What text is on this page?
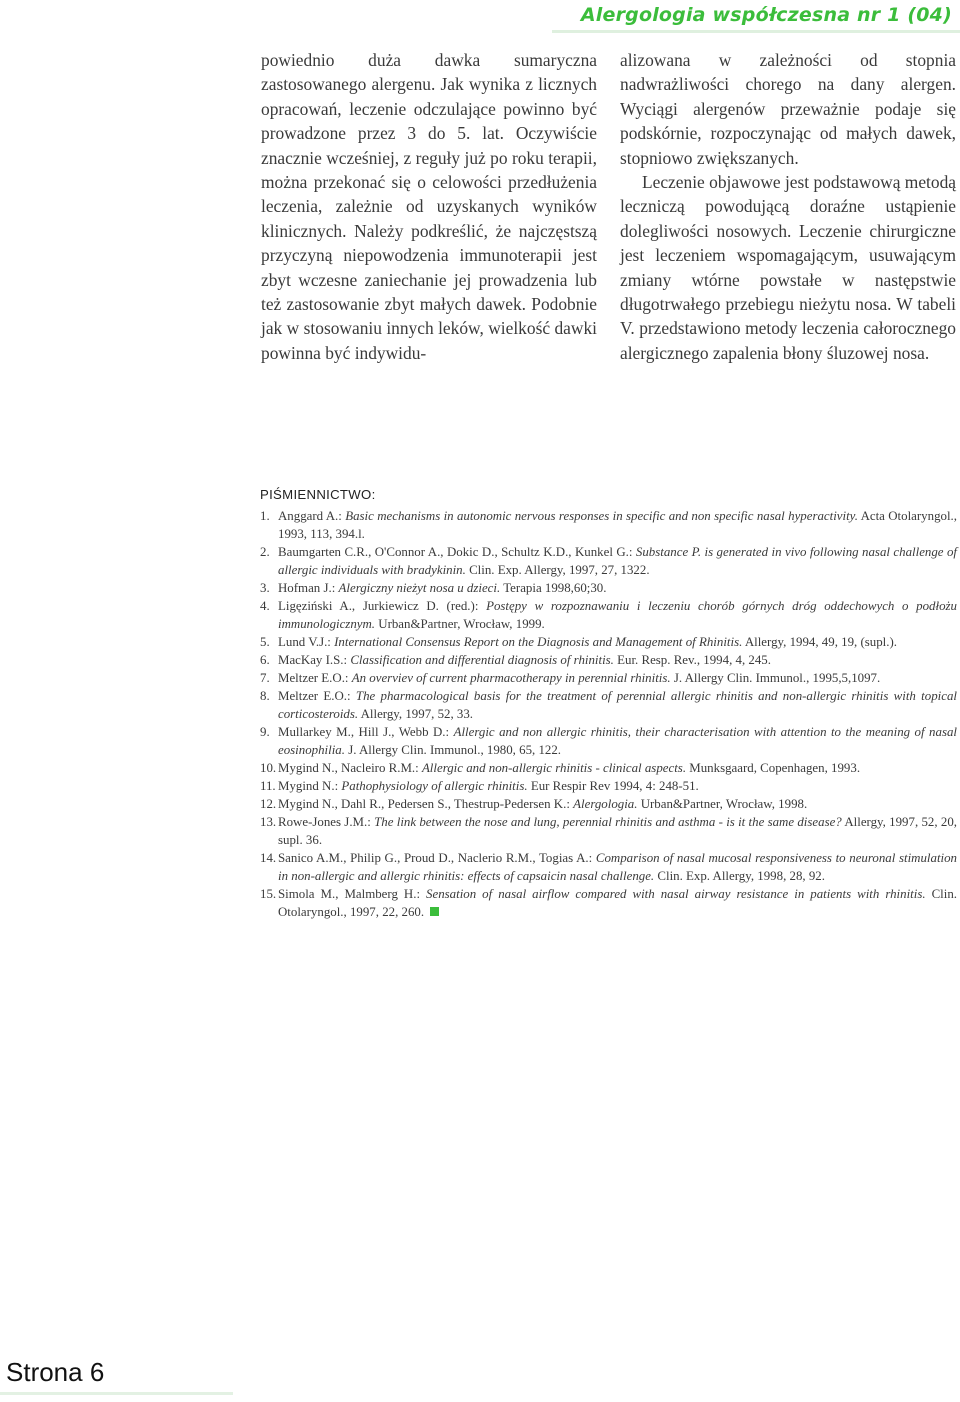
Alergologia współczesna nr 1 (04)

powiednio duża dawka sumaryczna zastosowanego alergenu. Jak wynika z licznych opracowań, leczenie odczulające powinno być prowadzone przez 3 do 5. lat. Oczywiście znacznie wcześniej, z reguły już po roku terapii, można przekonać się o celowości przedłużenia leczenia, zależnie od uzyskanych wyników klinicznych. Należy podkreślić, że najczęstszą przyczyną niepowodzenia immunoterapii jest zbyt wczesne zaniechanie jej prowadzenia lub też zastosowanie zbyt małych dawek. Podobnie jak w stosowaniu innych leków, wielkość dawki powinna być indywidu-

alizowana w zależności od stopnia nadwrażliwości chorego na dany alergen. Wyciągi alergenów przeważnie podaje się podskórnie, rozpoczynając od małych dawek, stopniowo zwiększanych.

Leczenie objawowe jest podstawową metodą leczniczą powodującą doraźne ustąpienie dolegliwości nosowych. Leczenie chirurgiczne jest leczeniem wspomagającym, usuwającym zmiany wtórne powstałe w następstwie długotrwałego przebiegu nieżytu nosa. W tabeli V. przedstawiono metody leczenia całorocznego alergicznego zapalenia błony śluzowej nosa.

PIŚMIENNICTWO:

1. Anggard A.: Basic mechanisms in autonomic nervous responses in specific and non specific nasal hyperactivity. Acta Otolaryngol., 1993, 113, 394.l.

2. Baumgarten C.R., O'Connor A., Dokic D., Schultz K.D., Kunkel G.: Substance P. is generated in vivo following nasal challenge of allergic individuals with bradykinin. Clin. Exp. Allergy, 1997, 27, 1322.

3. Hofman J.: Alergiczny nieżyt nosa u dzieci. Terapia 1998,60;30.

4. Ligęziński A., Jurkiewicz D. (red.): Postępy w rozpoznawaniu i leczeniu chorób górnych dróg oddechowych o podłożu immunologicznym. Urban&Partner, Wrocław, 1999.

5. Lund V.J.: International Consensus Report on the Diagnosis and Management of Rhinitis. Allergy, 1994, 49, 19, (supl.).

6. MacKay I.S.: Classification and differential diagnosis of rhinitis. Eur. Resp. Rev., 1994, 4, 245.

7. Meltzer E.O.: An overviev of current pharmacotherapy in perennial rhinitis. J. Allergy Clin. Immunol., 1995,5,1097.

8. Meltzer E.O.: The pharmacological basis for the treatment of perennial allergic rhinitis and non-allergic rhinitis with topical corticosteroids. Allergy, 1997, 52, 33.

9. Mullarkey M., Hill J., Webb D.: Allergic and non allergic rhinitis, their characterisation with attention to the meaning of nasal eosinophilia. J. Allergy Clin. Immunol., 1980, 65, 122.

10. Mygind N., Nacleiro R.M.: Allergic and non-allergic rhinitis - clinical aspects. Munksgaard, Copenhagen, 1993.

11. Mygind N.: Pathophysiology of allergic rhinitis. Eur Respir Rev 1994, 4: 248-51.

12. Mygind N., Dahl R., Pedersen S., Thestrup-Pedersen K.: Alergologia. Urban&Partner, Wrocław, 1998.

13. Rowe-Jones J.M.: The link between the nose and lung, perennial rhinitis and asthma - is it the same disease? Allergy, 1997, 52, 20, supl. 36.

14. Sanico A.M., Philip G., Proud D., Naclerio R.M., Togias A.: Comparison of nasal mucosal responsiveness to neuronal stimulation in non-allergic and allergic rhinitis: effects of capsaicin nasal challenge. Clin. Exp. Allergy, 1998, 28, 92.

15. Simola M., Malmberg H.: Sensation of nasal airflow compared with nasal airway resistance in patients with rhinitis. Clin. Otolaryngol., 1997, 22, 260.

Strona 6
